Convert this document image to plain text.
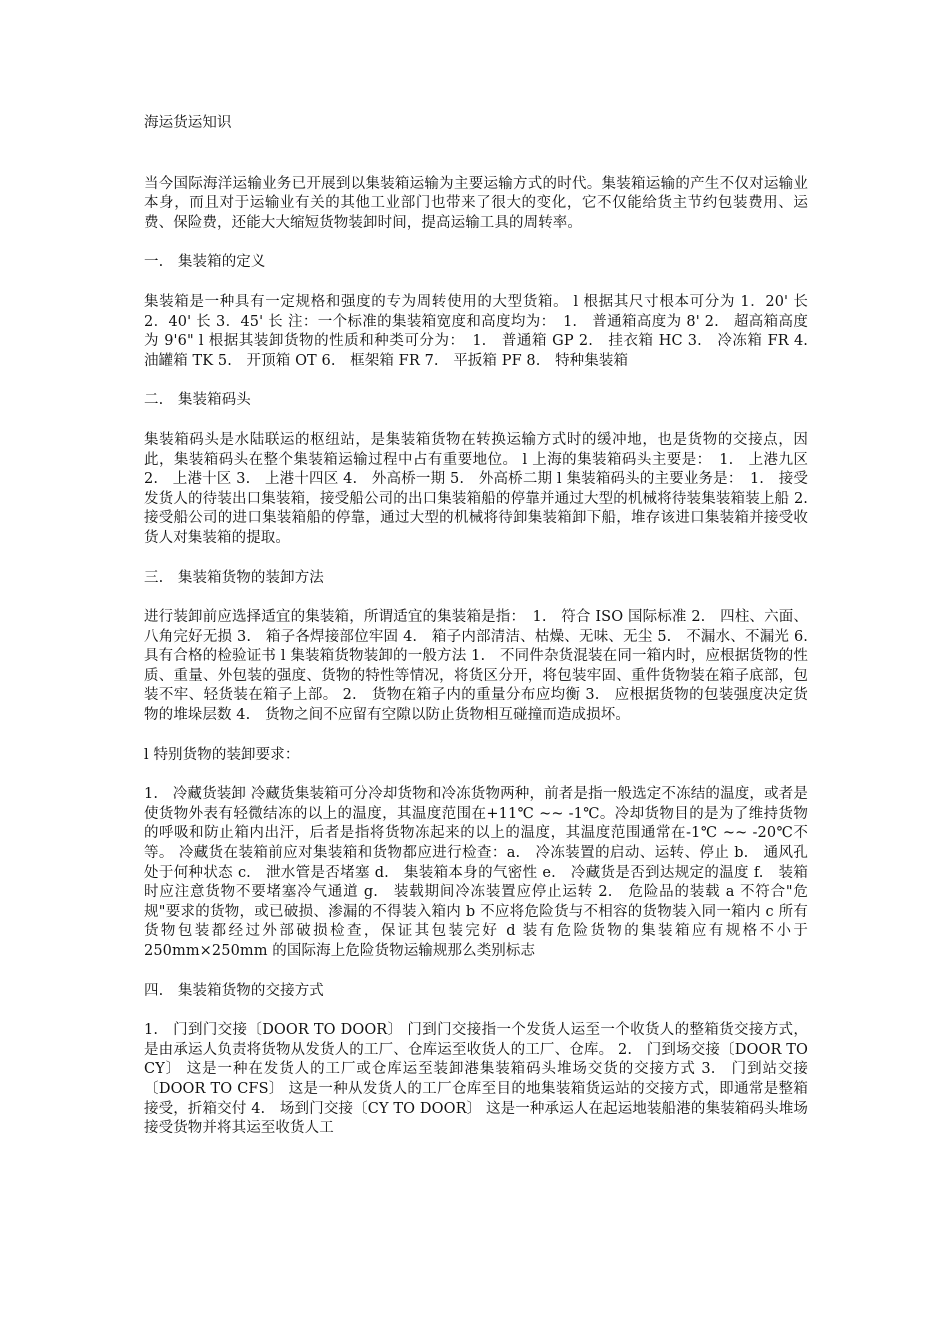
海运货运知识

当今国际海洋运输业务已开展到以集装箱运输为主要运输方式的时代。集装箱运输的产生不仅对运输业本身，而且对于运输业有关的其他工业部门也带来了很大的变化，它不仅能给货主节约包装费用、运费、保险费，还能大大缩短货物装卸时间，提高运输工具的周转率。

一.　集装箱的定义

集装箱是一种具有一定规格和强度的专为周转使用的大型货箱。 l 根据其尺寸根本可分为 1．20' 长 2．40' 长 3．45' 长 注：一个标准的集装箱宽度和高度均为：　1.　普通箱高度为 8' 2.　超高箱高度为 9'6" l 根据其装卸货物的性质和种类可分为：　1.　普通箱 GP 2.　挂衣箱 HC 3.　冷冻箱 FR 4.　油罐箱 TK 5.　开顶箱 OT 6.　框架箱 FR 7.　平扳箱 PF 8.　特种集装箱

二.　集装箱码头

集装箱码头是水陆联运的枢纽站，是集装箱货物在转换运输方式时的缓冲地，也是货物的交接点，因此，集装箱码头在整个集装箱运输过程中占有重要地位。 l 上海的集装箱码头主要是：　1.　上港九区 2.　上港十区 3.　上港十四区 4.　外高桥一期 5.　外高桥二期 l 集装箱码头的主要业务是：　1.　接受发货人的待装出口集装箱，接受船公司的出口集装箱船的停靠并通过大型的机械将待装集装箱装上船 2.　接受船公司的进口集装箱船的停靠，通过大型的机械将待卸集装箱卸下船，堆存该进口集装箱并接受收货人对集装箱的提取。

三.　集装箱货物的装卸方法

进行装卸前应选择适宜的集装箱，所谓适宜的集装箱是指：　1.　符合 ISO 国际标准 2.　四柱、六面、八角完好无损 3.　箱子各焊接部位牢固 4.　箱子内部清洁、枯燥、无味、无尘 5.　不漏水、不漏光 6.　具有合格的检验证书 l 集装箱货物装卸的一般方法 1.　不同件杂货混装在同一箱内时，应根据货物的性质、重量、外包装的强度、货物的特性等情况，将货区分开，将包装牢固、重件货物装在箱子底部，包装不牢、轻货装在箱子上部。 2.　货物在箱子内的重量分布应均衡 3.　应根据货物的包装强度决定货物的堆垛层数 4.　货物之间不应留有空隙以防止货物相互碰撞而造成损坏。

l 特别货物的装卸要求：

1.　冷藏货装卸 冷藏货集装箱可分冷却货物和冷冻货物两种，前者是指一般选定不冻结的温度，或者是使货物外表有轻微结冻的以上的温度，其温度范围在+11℃ ~~ -1℃。冷却货物目的是为了维持货物的呼吸和防止箱内出汗，后者是指将货物冻起来的以上的温度，其温度范围通常在-1℃ ~~ -20℃不等。 冷藏货在装箱前应对集装箱和货物都应进行检查：a.　冷冻装置的启动、运转、停止 b.　通风孔处于何种状态 c.　泄水管是否堵塞 d.　集装箱本身的气密性 e.　冷藏货是否到达规定的温度 f.　装箱时应注意货物不要堵塞冷气通道 g.　装载期间冷冻装置应停止运转 2.　危险品的装载 a 不符合"危规"要求的货物，或已破损、渗漏的不得装入箱内 b 不应将危险货与不相容的货物装入同一箱内 c 所有货物包装都经过外部破损检查，保证其包装完好 d 装有危险货物的集装箱应有规格不小于 250mm×250mm 的国际海上危险货物运输规那么类别标志

四.　集装箱货物的交接方式

1.　门到门交接〔DOOR TO DOOR〕 门到门交接指一个发货人运至一个收货人的整箱货交接方式，是由承运人负责将货物从发货人的工厂、仓库运至收货人的工厂、仓库。 2.　门到场交接〔DOOR TO CY〕 这是一种在发货人的工厂或仓库运至装卸港集装箱码头堆场交货的交接方式 3.　门到站交接〔DOOR TO CFS〕 这是一种从发货人的工厂仓库至目的地集装箱货运站的交接方式，即通常是整箱接受，折箱交付 4.　场到门交接〔CY TO DOOR〕 这是一种承运人在起运地装船港的集装箱码头堆场接受货物并将其运至收货人工
